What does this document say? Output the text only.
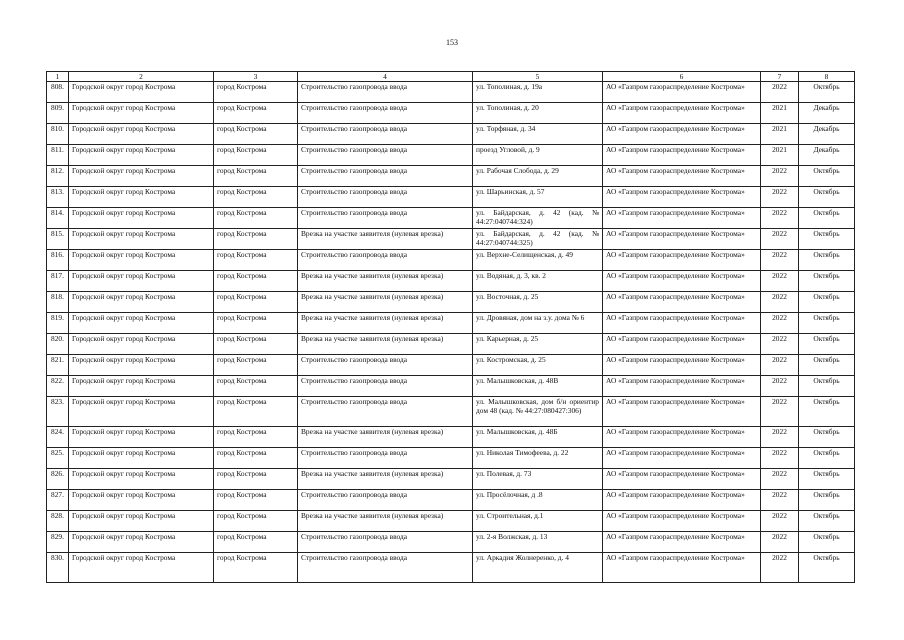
153
1	2	3	4	5	6	7	8
808.	Городской округ город Кострома	город Кострома	Строительство газопровода ввода	ул. Тополиная, д. 19а	АО «Газпром газораспределение Кострома»	2022	Октябрь
809.	Городской округ город Кострома	город Кострома	Строительство газопровода ввода	ул. Тополиная, д. 20	АО «Газпром газораспределение Кострома»	2021	Декабрь
810.	Городской округ город Кострома	город Кострома	Строительство газопровода ввода	ул. Торфяная, д. 34	АО «Газпром газораспределение Кострома»	2021	Декабрь
811.	Городской округ город Кострома	город Кострома	Строительство газопровода ввода	проезд Угловой, д. 9	АО «Газпром газораспределение Кострома»	2021	Декабрь
812.	Городской округ город Кострома	город Кострома	Строительство газопровода ввода	ул. Рабочая Слобода, д. 29	АО «Газпром газораспределение Кострома»	2022	Октябрь
813.	Городской округ город Кострома	город Кострома	Строительство газопровода ввода	ул. Шарьинская, д. 57	АО «Газпром газораспределение Кострома»	2022	Октябрь
814.	Городской округ город Кострома	город Кострома	Строительство газопровода ввода	ул. Байдарская, д. 42 (кад. № 44:27:040744:324)	АО «Газпром газораспределение Кострома»	2022	Октябрь
815.	Городской округ город Кострома	город Кострома	Врезка на участке заявителя (нулевая врезка)	ул. Байдарская, д. 42 (кад. № 44:27:040744:325)	АО «Газпром газораспределение Кострома»	2022	Октябрь
816.	Городской округ город Кострома	город Кострома	Строительство газопровода ввода	ул. Верхне-Селищенская, д. 49	АО «Газпром газораспределение Кострома»	2022	Октябрь
817.	Городской округ город Кострома	город Кострома	Врезка на участке заявителя (нулевая врезка)	ул. Водяная, д. 3, кв. 2	АО «Газпром газораспределение Кострома»	2022	Октябрь
818.	Городской округ город Кострома	город Кострома	Врезка на участке заявителя (нулевая врезка)	ул. Восточная, д. 25	АО «Газпром газораспределение Кострома»	2022	Октябрь
819.	Городской округ город Кострома	город Кострома	Врезка на участке заявителя (нулевая врезка)	ул. Дровяная, дом на з.у. дома № 6	АО «Газпром газораспределение Кострома»	2022	Октябрь
820.	Городской округ город Кострома	город Кострома	Врезка на участке заявителя (нулевая врезка)	ул. Карьерная, д. 25	АО «Газпром газораспределение Кострома»	2022	Октябрь
821.	Городской округ город Кострома	город Кострома	Строительство газопровода ввода	ул. Костромская, д. 25	АО «Газпром газораспределение Кострома»	2022	Октябрь
822.	Городской округ город Кострома	город Кострома	Строительство газопровода ввода	ул. Малышковская, д. 48В	АО «Газпром газораспределение Кострома»	2022	Октябрь
823.	Городской округ город Кострома	город Кострома	Строительство газопровода ввода	ул. Малышковская, дом б/н ориентир дом 48 (кад. № 44:27:080427:306)	АО «Газпром газораспределение Кострома»	2022	Октябрь
824.	Городской округ город Кострома	город Кострома	Врезка на участке заявителя (нулевая врезка)	ул. Малышковская, д. 48Б	АО «Газпром газораспределение Кострома»	2022	Октябрь
825.	Городской округ город Кострома	город Кострома	Строительство газопровода ввода	ул. Николая Тимофеева, д. 22	АО «Газпром газораспределение Кострома»	2022	Октябрь
826.	Городской округ город Кострома	город Кострома	Врезка на участке заявителя (нулевая врезка)	ул. Полевая, д. 73	АО «Газпром газораспределение Кострома»	2022	Октябрь
827.	Городской округ город Кострома	город Кострома	Строительство газопровода ввода	ул. Просёлочная, д .8	АО «Газпром газораспределение Кострома»	2022	Октябрь
828.	Городской округ город Кострома	город Кострома	Врезка на участке заявителя (нулевая врезка)	ул. Строительная, д.1	АО «Газпром газораспределение Кострома»	2022	Октябрь
829.	Городской округ город Кострома	город Кострома	Строительство газопровода ввода	ул. 2-я Волжская, д. 13	АО «Газпром газораспределение Кострома»	2022	Октябрь
830.	Городской округ город Кострома	город Кострома	Строительство газопровода ввода	ул. Аркадия Жолнеренко, д. 4	АО «Газпром газораспределение Кострома»	2022	Октябрь
